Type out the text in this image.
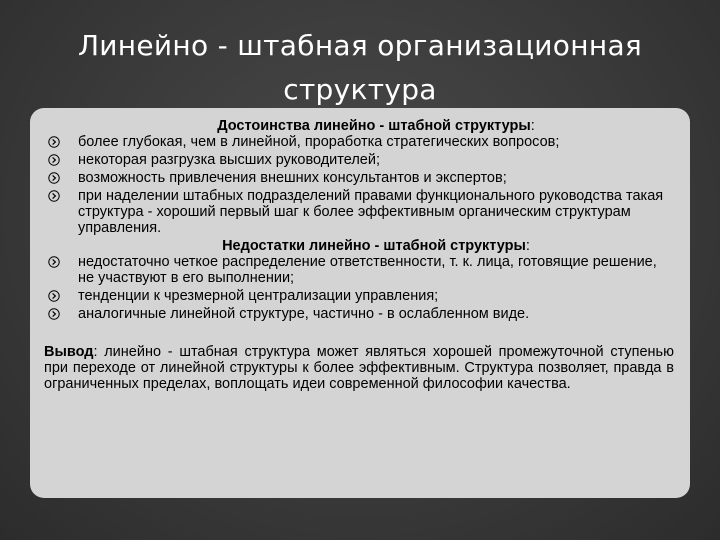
Линейно - штабная организационная
структура
Достоинства линейно - штабной структуры:
более глубокая, чем в линейной, проработка стратегических вопросов;
некоторая разгрузка высших руководителей;
возможность привлечения внешних консультантов и экспертов;
при наделении штабных подразделений правами функционального руководства такая структура - хороший первый шаг к более эффективным органическим структурам управления.
Недостатки линейно - штабной структуры:
недостаточно четкое распределение ответственности, т. к. лица, готовящие решение, не участвуют в его выполнении;
тенденции к чрезмерной централизации управления;
аналогичные линейной структуре, частично - в ослабленном виде.
Вывод: линейно - штабная структура может являться хорошей промежуточной ступенью при переходе от линейной структуры к более эффективным. Структура позволяет, правда в ограниченных пределах, воплощать идеи современной философии качества.
